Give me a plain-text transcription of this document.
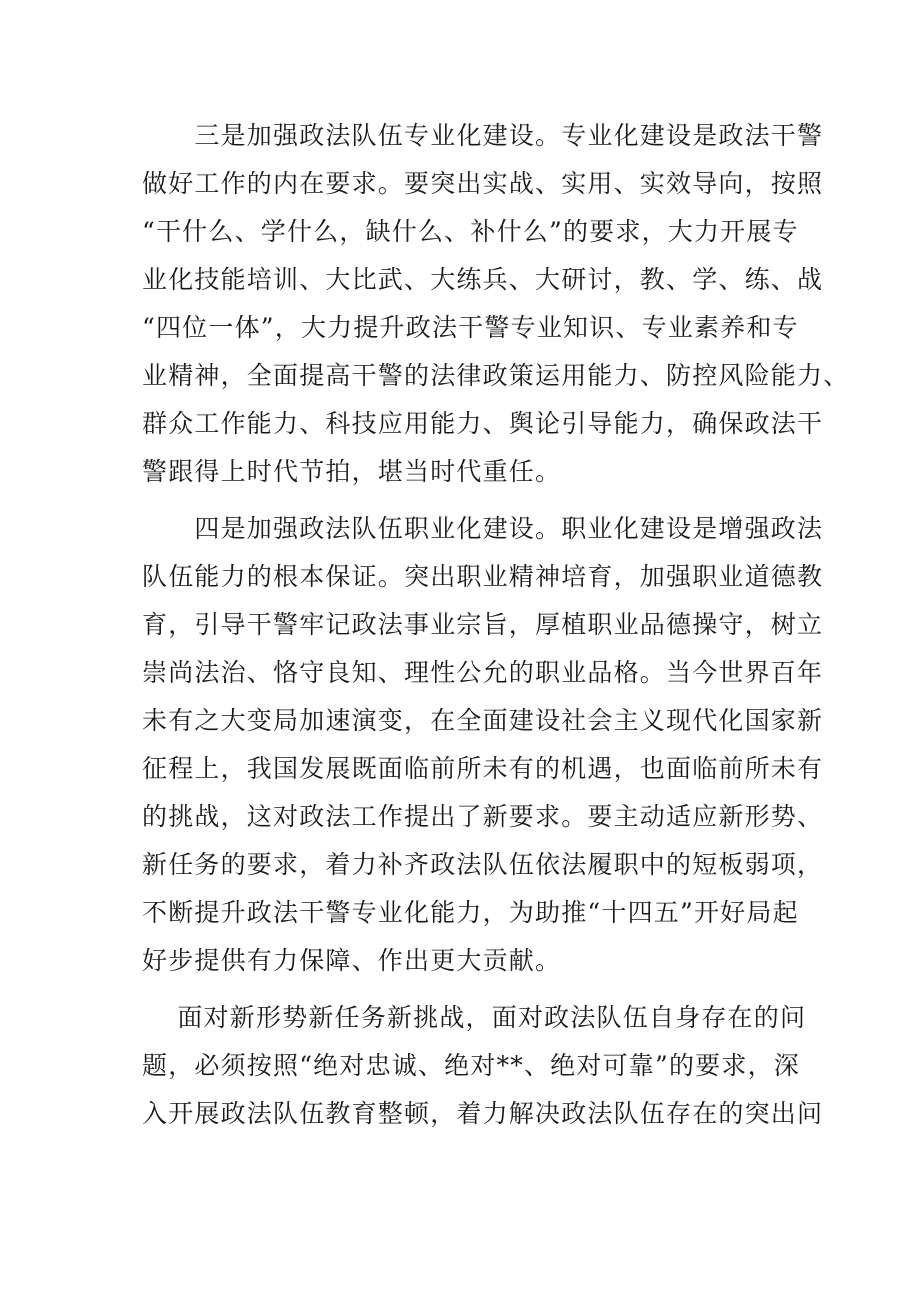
　　三是加强政法队伍专业化建设。专业化建设是政法干警
做好工作的内在要求。要突出实战、实用、实效导向，按照
“干什么、学什么，缺什么、补什么”的要求，大力开展专
业化技能培训、大比武、大练兵、大研讨，教、学、练、战
“四位一体”，大力提升政法干警专业知识、专业素养和专
业精神，全面提高干警的法律政策运用能力、防控风险能力、
群众工作能力、科技应用能力、舆论引导能力，确保政法干
警跟得上时代节拍，堪当时代重任。

　　四是加强政法队伍职业化建设。职业化建设是增强政法
队伍能力的根本保证。突出职业精神培育，加强职业道德教
育，引导干警牢记政法事业宗旨，厚植职业品德操守，树立
崇尚法治、恪守良知、理性公允的职业品格。当今世界百年
未有之大变局加速演变，在全面建设社会主义现代化国家新
征程上，我国发展既面临前所未有的机遇，也面临前所未有
的挑战，这对政法工作提出了新要求。要主动适应新形势、
新任务的要求，着力补齐政法队伍依法履职中的短板弱项，
不断提升政法干警专业化能力，为助推“十四五”开好局起
好步提供有力保障、作出更大贡献。

　 面对新形势新任务新挑战，面对政法队伍自身存在的问
题，必须按照“绝对忠诚、绝对**、绝对可靠”的要求，深
入开展政法队伍教育整顿，着力解决政法队伍存在的突出问
